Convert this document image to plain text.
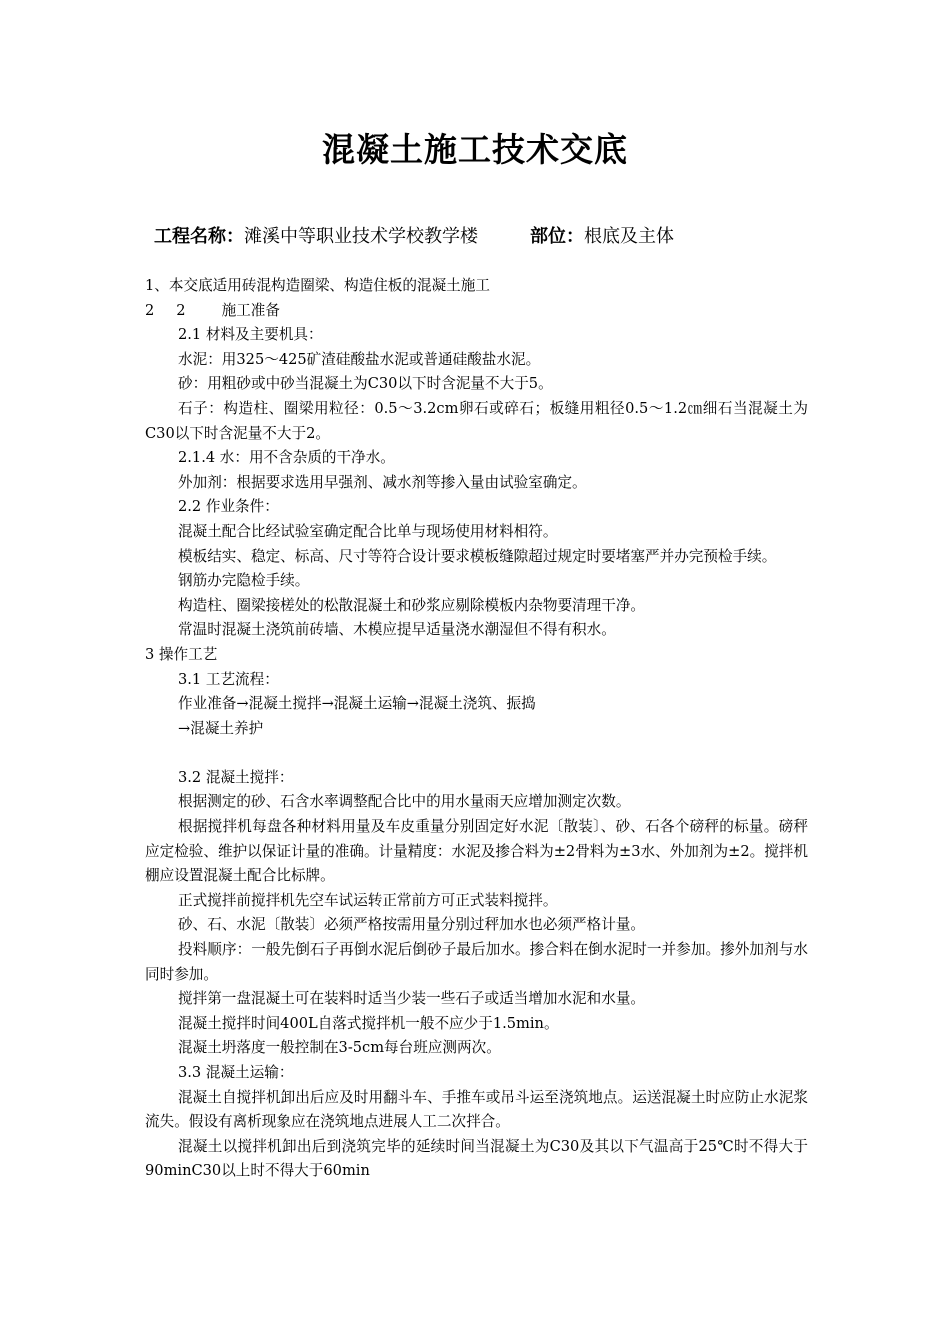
混凝土施工技术交底
工程名称：滩溪中等职业技术学校教学楼	部位：根底及主体

1、本交底适用砖混构造圈梁、构造住板的混凝土施工

2 2 施工准备

2.1 材料及主要机具：

水泥：用325～425矿渣硅酸盐水泥或普通硅酸盐水泥。

砂：用粗砂或中砂当混凝土为C30以下时含泥量不大于5。

石子：构造柱、圈梁用粒径：0.5～3.2cm卵石或碎石；板缝用粗径0.5～1.2㎝细石当混凝土为C30以下时含泥量不大于2。

2.1.4 水：用不含杂质的干净水。

外加剂：根据要求选用早强剂、减水剂等掺入量由试验室确定。

2.2 作业条件：

混凝土配合比经试验室确定配合比单与现场使用材料相符。

模板结实、稳定、标高、尺寸等符合设计要求模板缝隙超过规定时要堵塞严并办完预检手续。

钢筋办完隐检手续。

构造柱、圈梁接槎处的松散混凝土和砂浆应剔除模板内杂物要清理干净。

常温时混凝土浇筑前砖墙、木模应提早适量浇水潮湿但不得有积水。

3 操作工艺

3.1 工艺流程：

作业准备→混凝土搅拌→混凝土运输→混凝土浇筑、振捣

→混凝土养护

3.2 混凝土搅拌：

根据测定的砂、石含水率调整配合比中的用水量雨天应增加测定次数。

根据搅拌机每盘各种材料用量及车皮重量分别固定好水泥〔散装〕、砂、石各个磅秤的标量。磅秤应定检验、维护以保证计量的准确。计量精度：水泥及掺合料为±2骨料为±3水、外加剂为±2。搅拌机棚应设置混凝土配合比标牌。

正式搅拌前搅拌机先空车试运转正常前方可正式装料搅拌。

砂、石、水泥〔散装〕必须严格按需用量分别过秤加水也必须严格计量。

投料顺序：一般先倒石子再倒水泥后倒砂子最后加水。掺合料在倒水泥时一并参加。掺外加剂与水同时参加。

搅拌第一盘混凝土可在装料时适当少装一些石子或适当增加水泥和水量。

混凝土搅拌时间400L自落式搅拌机一般不应少于1.5min。

混凝土坍落度一般控制在3-5cm每台班应测两次。

3.3 混凝土运输：

混凝土自搅拌机卸出后应及时用翻斗车、手推车或吊斗运至浇筑地点。运送混凝土时应防止水泥浆流失。假设有离析现象应在浇筑地点进展人工二次拌合。

混凝土以搅拌机卸出后到浇筑完毕的延续时间当混凝土为C30及其以下气温高于25℃时不得大于90minC30以上时不得大于60min
